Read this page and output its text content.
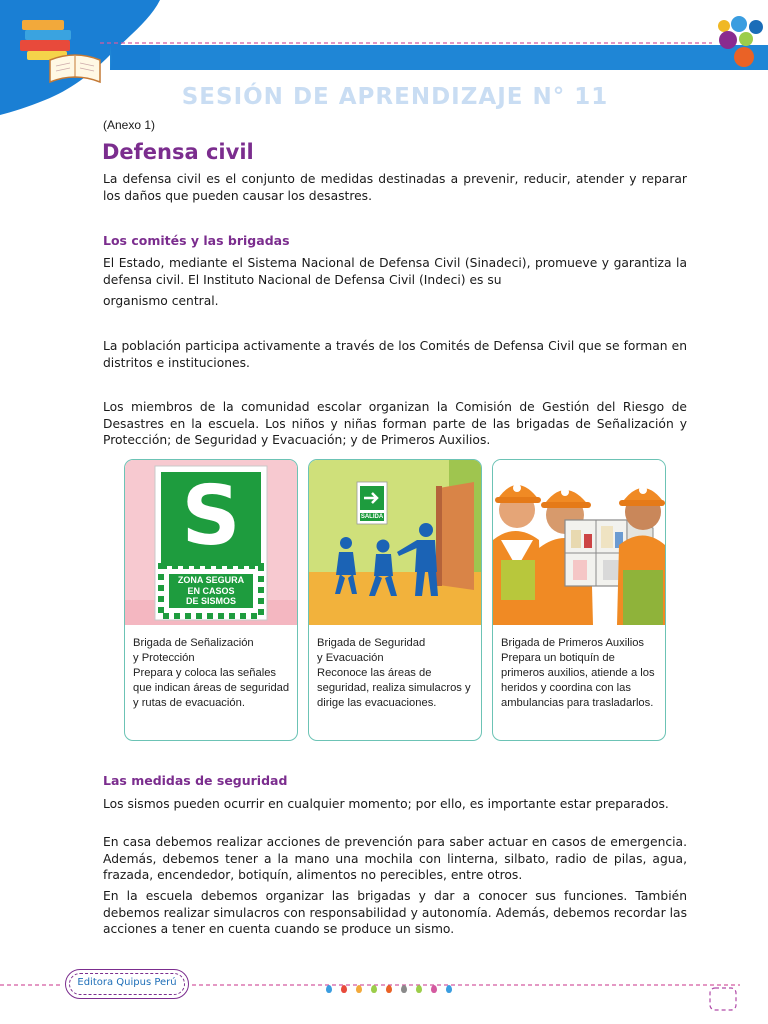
SESIÓN DE APRENDIZAJE N° 11
(Anexo 1)
Defensa civil
La defensa civil es el conjunto de medidas destinadas a prevenir, reducir, atender y reparar los daños que pueden causar los desastres.
Los comités y las brigadas
El Estado, mediante el Sistema Nacional de Defensa Civil (Sinadeci), promueve y garantiza la defensa civil. El Instituto Nacional de Defensa Civil (Indeci) es su
organismo central.
La población participa activamente a través de los Comités de Defensa Civil que se forman en distritos e instituciones.
Los miembros de la comunidad escolar organizan la Comisión de Gestión del Riesgo de Desastres en la escuela. Los niños y niñas forman parte de las brigadas de Señalización y Protección; de Seguridad y Evacuación; y de Primeros Auxilios.
S
ZONA SEGURA
EN CASOS
DE SISMOS
Brigada de Señalización
y Protección
Prepara y coloca las señales que indican áreas de seguridad y rutas de evacuación.
SALIDA
Brigada de Seguridad
y Evacuación
Reconoce las áreas de seguridad, realiza simulacros y dirige las evacuaciones.
Brigada de Primeros Auxilios
Prepara un botiquín de primeros auxilios, atiende a los heridos y coordina con las ambulancias para trasladarlos.
Las medidas de seguridad
Los sismos pueden ocurrir en cualquier momento; por ello, es importante estar preparados.
En casa debemos realizar acciones de prevención para saber actuar en casos de emergencia. Además, debemos tener a la mano una mochila con linterna, silbato, radio de pilas, agua, frazada, encendedor, botiquín, alimentos no perecibles, entre otros.
En la escuela debemos organizar las brigadas y dar a conocer sus funciones. También debemos realizar simulacros con responsabilidad y autonomía. Además, debemos recordar las acciones a tener en cuenta cuando se produce un sismo.
Editora Quipus Perú
